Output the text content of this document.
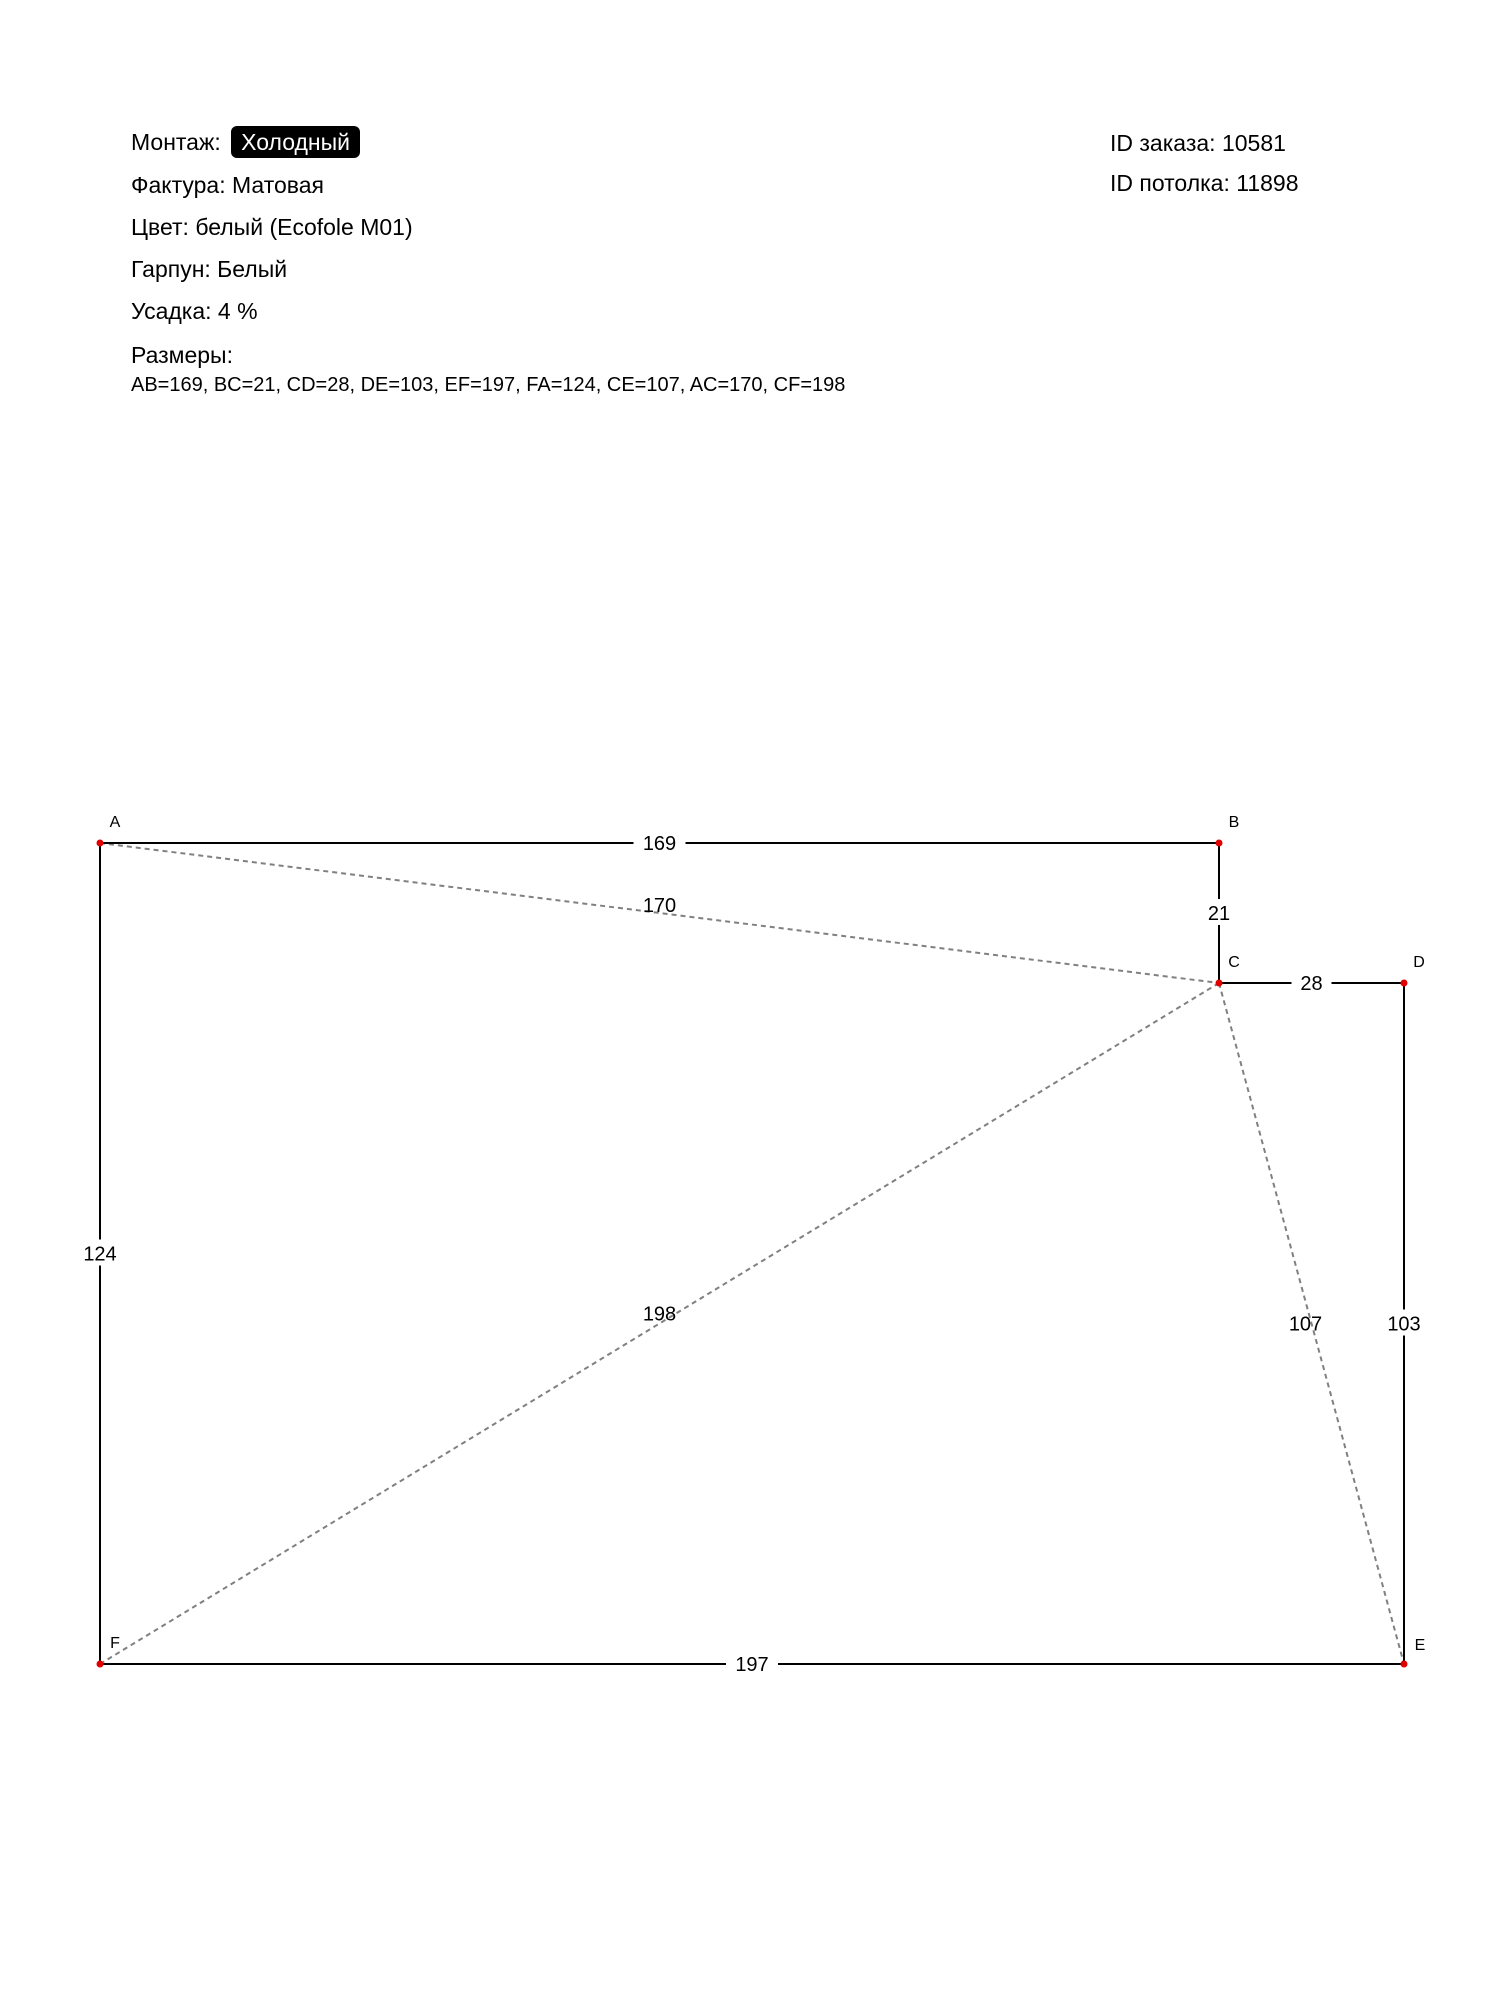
Монтаж: Холодный
Фактура: Матовая
Цвет: белый (Ecofole M01)
Гарпун: Белый
Усадка: 4 %
Размеры:
AB=169, BC=21, CD=28, DE=103, EF=197, FA=124, CE=107, AC=170, CF=198
ID заказа: 10581
ID потолка: 11898
170
198	107
169
21
28
103
197
124
A	B
C	D
E
F
